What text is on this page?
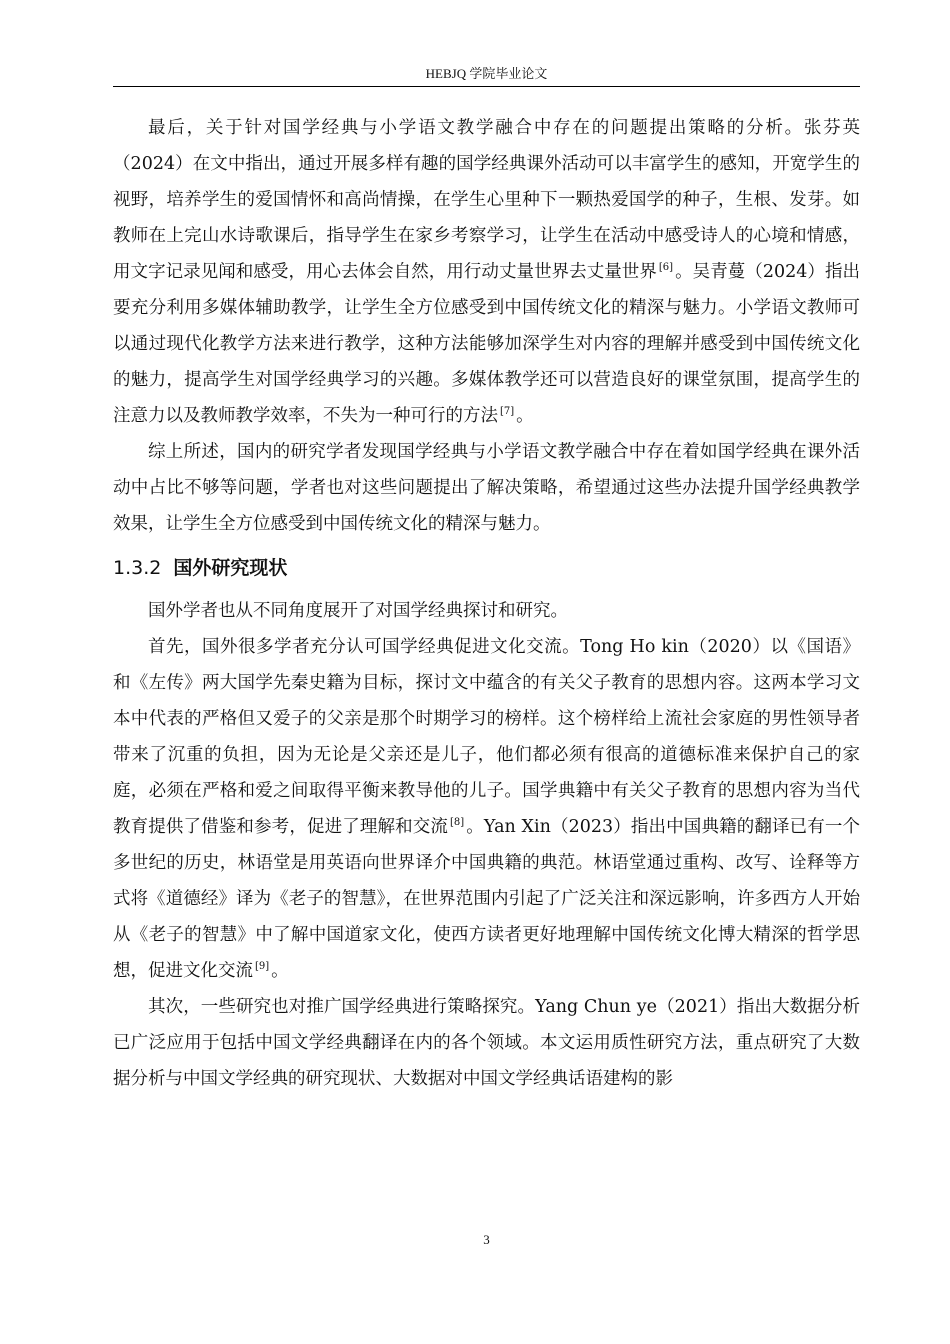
HEBJQ 学院毕业论文

最后，关于针对国学经典与小学语文教学融合中存在的问题提出策略的分析。张芬英（2024）在文中指出，通过开展多样有趣的国学经典课外活动可以丰富学生的感知，开宽学生的视野，培养学生的爱国情怀和高尚情操，在学生心里种下一颗热爱国学的种子，生根、发芽。如教师在上完山水诗歌课后，指导学生在家乡考察学习，让学生在活动中感受诗人的心境和情感，用文字记录见闻和感受，用心去体会自然，用行动丈量世界去丈量世界 [6] 。吴青蔓（2024）指出要充分利用多媒体辅助教学，让学生全方位感受到中国传统文化的精深与魅力。小学语文教师可以通过现代化教学方法来进行教学，这种方法能够加深学生对内容的理解并感受到中国传统文化的魅力，提高学生对国学经典学习的兴趣。多媒体教学还可以营造良好的课堂氛围，提高学生的注意力以及教师教学效率，不失为一种可行的方法 [7] 。

综上所述，国内的研究学者发现国学经典与小学语文教学融合中存在着如国学经典在课外活动中占比不够等问题，学者也对这些问题提出了解决策略，希望通过这些办法提升国学经典教学效果，让学生全方位感受到中国传统文化的精深与魅力。

1.3.2 国外研究现状

国外学者也从不同角度展开了对国学经典探讨和研究。

首先，国外很多学者充分认可国学经典促进文化交流。Tong Ho kin（2020）以《国语》和《左传》两大国学先秦史籍为目标，探讨文中蕴含的有关父子教育的思想内容。这两本学习文本中代表的严格但又爱子的父亲是那个时期学习的榜样。这个榜样给上流社会家庭的男性领导者带来了沉重的负担，因为无论是父亲还是儿子，他们都必须有很高的道德标准来保护自己的家庭，必须在严格和爱之间取得平衡来教导他的儿子。国学典籍中有关父子教育的思想内容为当代教育提供了借鉴和参考，促进了理解和交流 [8] 。Yan Xin（2023）指出中国典籍的翻译已有一个多世纪的历史，林语堂是用英语向世界译介中国典籍的典范。林语堂通过重构、改写、诠释等方式将《道德经》译为《老子的智慧》，在世界范围内引起了广泛关注和深远影响，许多西方人开始从《老子的智慧》中了解中国道家文化，使西方读者更好地理解中国传统文化博大精深的哲学思想，促进文化交流 [9] 。

其次，一些研究也对推广国学经典进行策略探究。Yang Chun ye（2021）指出大数据分析已广泛应用于包括中国文学经典翻译在内的各个领域。本文运用质性研究方法，重点研究了大数据分析与中国文学经典的研究现状、大数据对中国文学经典话语建构的影

3
